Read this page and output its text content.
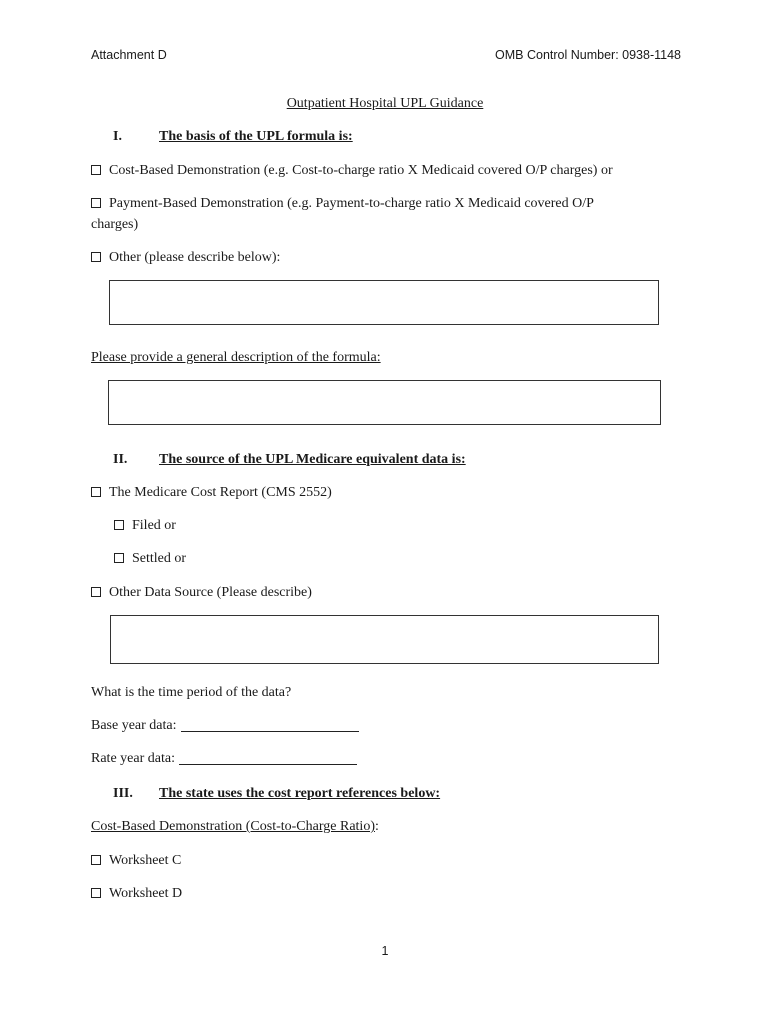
Attachment D	OMB Control Number: 0938-1148
Outpatient Hospital UPL Guidance
I.	The basis of the UPL formula is:
Cost-Based Demonstration (e.g. Cost-to-charge ratio X Medicaid covered O/P charges) or
Payment-Based Demonstration (e.g. Payment-to-charge ratio X Medicaid covered O/P
charges)
Other (please describe below):
Please provide a general description of the formula:
II. The source of the UPL Medicare equivalent data is:
The Medicare Cost Report (CMS 2552)
Filed or
Settled or
Other Data Source (Please describe)
What is the time period of the data?
Base year data:
Rate year data:
III. The state uses the cost report references below:
Cost-Based Demonstration (Cost-to-Charge Ratio):
Worksheet C
Worksheet D
1
